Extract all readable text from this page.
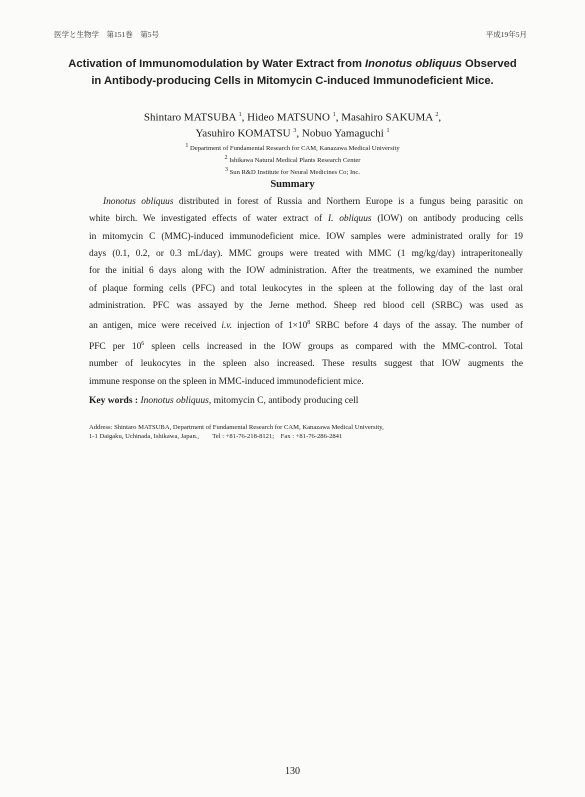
医学と生物学　第151巻　第5号	平成19年5月
Activation of Immunomodulation by Water Extract from Inonotus obliquus Observed
in Antibody-producing Cells in Mitomycin C-induced Immunodeficient Mice.
Shintaro MATSUBA $^1$, Hideo MATSUNO $^1$, Masahiro SAKUMA $^2$,
Yasuhiro KOMATSU $^3$, Nobuo Yamaguchi $^1$
$^1$ Department of Fundamental Research for CAM, Kanazawa Medical University
$^2$ Ishikawa Natural Medical Plants Research Center
$^3$ Sun R&D Institute for Neural Medicines Co; Inc.
Summary
Inonotus obliquus distributed in forest of Russia and Northern Europe is a fungus being parasitic on
white birch. We investigated effects of water extract of I. obliquus (IOW) on antibody producing cells
in mitomycin C (MMC)-induced immunodeficient mice. IOW samples were administrated orally for 19
days (0.1, 0.2, or 0.3 mL/day). MMC groups were treated with MMC (1 mg/kg/day) intraperitoneally
for the initial 6 days along with the IOW administration. After the treatments, we examined the number
of plaque forming cells (PFC) and total leukocytes in the spleen at the following day of the last oral
administration. PFC was assayed by the Jerne method. Sheep red blood cell (SRBC) was used as
an antigen, mice were received i.v. injection of $1\times 10^8$ SRBC before 4 days of the assay. The number of
PFC per $10^6$ spleen cells increased in the IOW groups as compared with the MMC-control. Total
number of leukocytes in the spleen also increased. These results suggest that IOW augments the
immune response on the spleen in MMC-induced immunodeficient mice.
Key words : Inonotus obliquus, mitomycin C, antibody producing cell
Address: Shintaro MATSUBA, Department of Fundamental Research for CAM, Kanazawa Medical University,
1-1 Daigaku, Uchinada, Ishikawa, Japan.,　　Tel : +81-76-218-8121;　Fax : +81-76-286-2841
130
